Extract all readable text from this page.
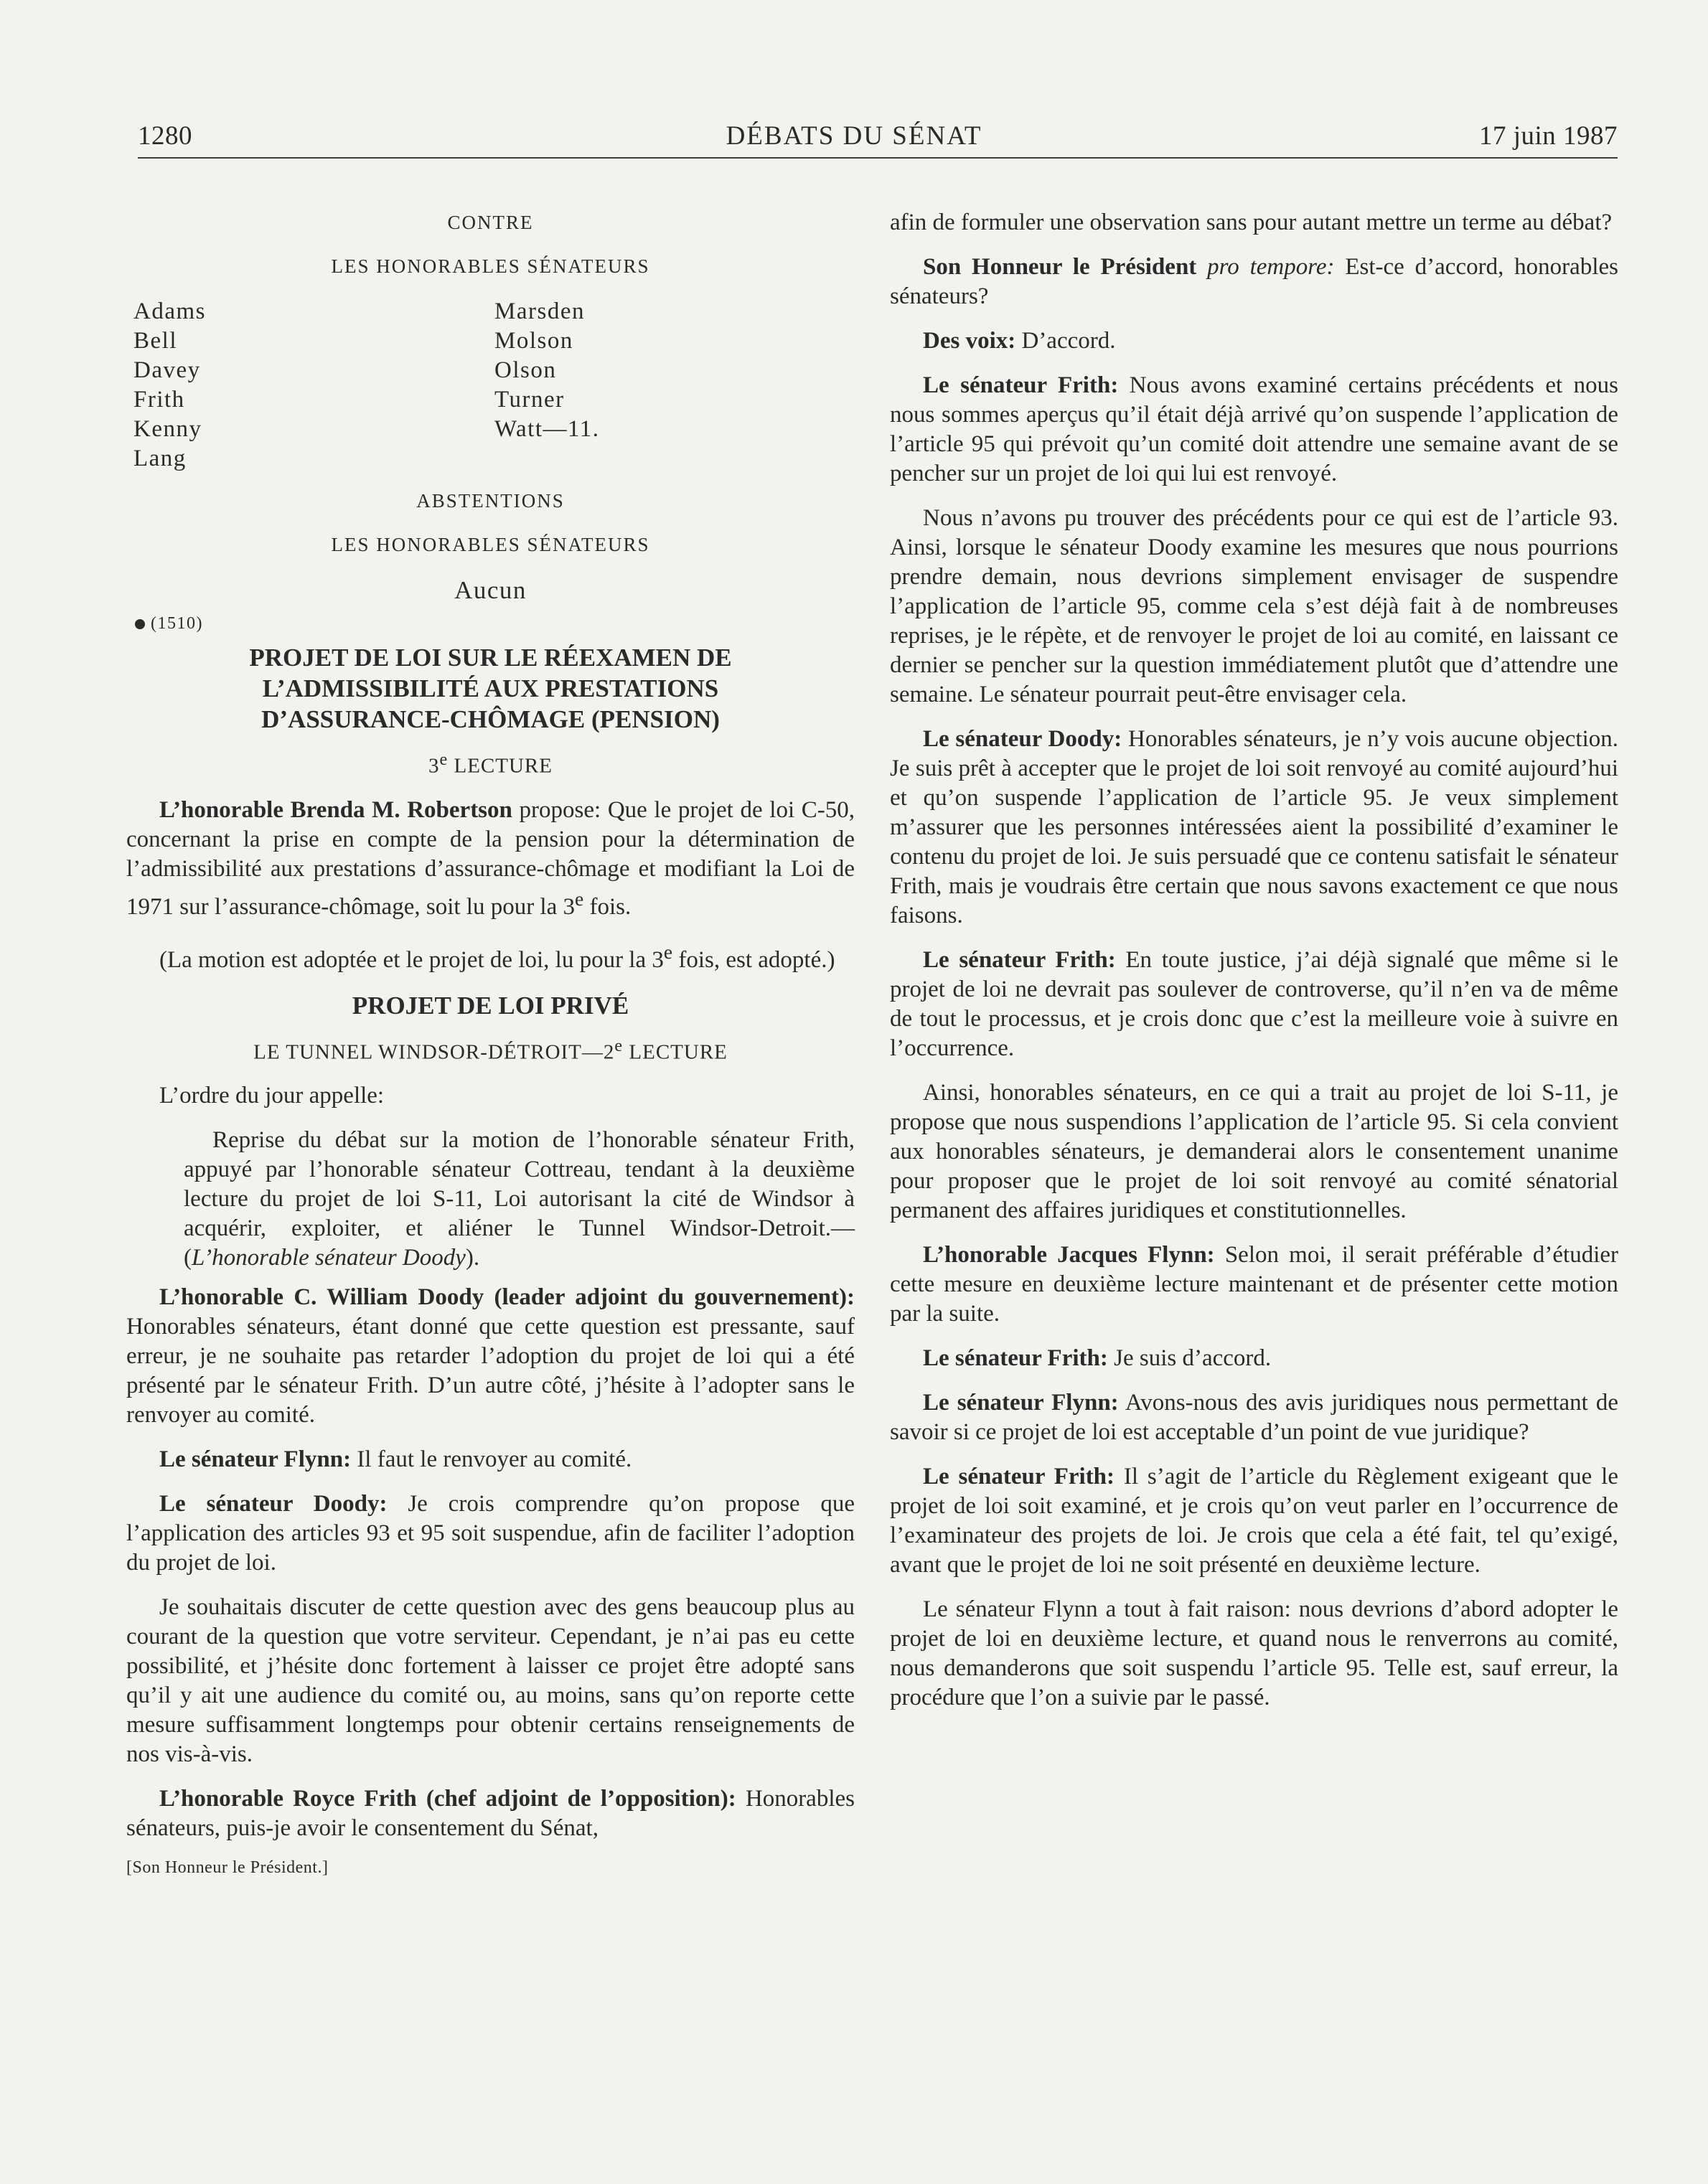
1280	DÉBATS DU SÉNAT	17 juin 1987

CONTRE

LES HONORABLES SÉNATEURS

Adams
Bell
Davey
Frith
Kenny
Lang
Marsden
Molson
Olson
Turner
Watt—11.

ABSTENTIONS

LES HONORABLES SÉNATEURS

Aucun

(1510)
PROJET DE LOI SUR LE RÉEXAMEN DE L’ADMISSIBILITÉ AUX PRESTATIONS D’ASSURANCE-CHÔMAGE (PENSION)
3e LECTURE

L’honorable Brenda M. Robertson propose: Que le projet de loi C-50, concernant la prise en compte de la pension pour la détermination de l’admissibilité aux prestations d’assurance-chômage et modifiant la Loi de 1971 sur l’assurance-chômage, soit lu pour la 3e fois.

(La motion est adoptée et le projet de loi, lu pour la 3e fois, est adopté.)

PROJET DE LOI PRIVÉ
LE TUNNEL WINDSOR-DÉTROIT—2e LECTURE

L’ordre du jour appelle:

Reprise du débat sur la motion de l’honorable sénateur Frith, appuyé par l’honorable sénateur Cottreau, tendant à la deuxième lecture du projet de loi S-11, Loi autorisant la cité de Windsor à acquérir, exploiter, et aliéner le Tunnel Windsor-Detroit.—(L’honorable sénateur Doody).

L’honorable C. William Doody (leader adjoint du gouvernement): Honorables sénateurs, étant donné que cette question est pressante, sauf erreur, je ne souhaite pas retarder l’adoption du projet de loi qui a été présenté par le sénateur Frith. D’un autre côté, j’hésite à l’adopter sans le renvoyer au comité.

Le sénateur Flynn: Il faut le renvoyer au comité.

Le sénateur Doody: Je crois comprendre qu’on propose que l’application des articles 93 et 95 soit suspendue, afin de faciliter l’adoption du projet de loi.

Je souhaitais discuter de cette question avec des gens beaucoup plus au courant de la question que votre serviteur. Cependant, je n’ai pas eu cette possibilité, et j’hésite donc fortement à laisser ce projet être adopté sans qu’il y ait une audience du comité ou, au moins, sans qu’on reporte cette mesure suffisamment longtemps pour obtenir certains renseignements de nos vis-à-vis.

L’honorable Royce Frith (chef adjoint de l’opposition): Honorables sénateurs, puis-je avoir le consentement du Sénat,

[Son Honneur le Président.]

afin de formuler une observation sans pour autant mettre un terme au débat?

Son Honneur le Président pro tempore: Est-ce d’accord, honorables sénateurs?

Des voix: D’accord.

Le sénateur Frith: Nous avons examiné certains précédents et nous nous sommes aperçus qu’il était déjà arrivé qu’on suspende l’application de l’article 95 qui prévoit qu’un comité doit attendre une semaine avant de se pencher sur un projet de loi qui lui est renvoyé.

Nous n’avons pu trouver des précédents pour ce qui est de l’article 93. Ainsi, lorsque le sénateur Doody examine les mesures que nous pourrions prendre demain, nous devrions simplement envisager de suspendre l’application de l’article 95, comme cela s’est déjà fait à de nombreuses reprises, je le répète, et de renvoyer le projet de loi au comité, en laissant ce dernier se pencher sur la question immédiatement plutôt que d’attendre une semaine. Le sénateur pourrait peut-être envisager cela.

Le sénateur Doody: Honorables sénateurs, je n’y vois aucune objection. Je suis prêt à accepter que le projet de loi soit renvoyé au comité aujourd’hui et qu’on suspende l’application de l’article 95. Je veux simplement m’assurer que les personnes intéressées aient la possibilité d’examiner le contenu du projet de loi. Je suis persuadé que ce contenu satisfait le sénateur Frith, mais je voudrais être certain que nous savons exactement ce que nous faisons.

Le sénateur Frith: En toute justice, j’ai déjà signalé que même si le projet de loi ne devrait pas soulever de controverse, qu’il n’en va de même de tout le processus, et je crois donc que c’est la meilleure voie à suivre en l’occurrence.

Ainsi, honorables sénateurs, en ce qui a trait au projet de loi S-11, je propose que nous suspendions l’application de l’article 95. Si cela convient aux honorables sénateurs, je demanderai alors le consentement unanime pour proposer que le projet de loi soit renvoyé au comité sénatorial permanent des affaires juridiques et constitutionnelles.

L’honorable Jacques Flynn: Selon moi, il serait préférable d’étudier cette mesure en deuxième lecture maintenant et de présenter cette motion par la suite.

Le sénateur Frith: Je suis d’accord.

Le sénateur Flynn: Avons-nous des avis juridiques nous permettant de savoir si ce projet de loi est acceptable d’un point de vue juridique?

Le sénateur Frith: Il s’agit de l’article du Règlement exigeant que le projet de loi soit examiné, et je crois qu’on veut parler en l’occurrence de l’examinateur des projets de loi. Je crois que cela a été fait, tel qu’exigé, avant que le projet de loi ne soit présenté en deuxième lecture.

Le sénateur Flynn a tout à fait raison: nous devrions d’abord adopter le projet de loi en deuxième lecture, et quand nous le renverrons au comité, nous demanderons que soit suspendu l’article 95. Telle est, sauf erreur, la procédure que l’on a suivie par le passé.
